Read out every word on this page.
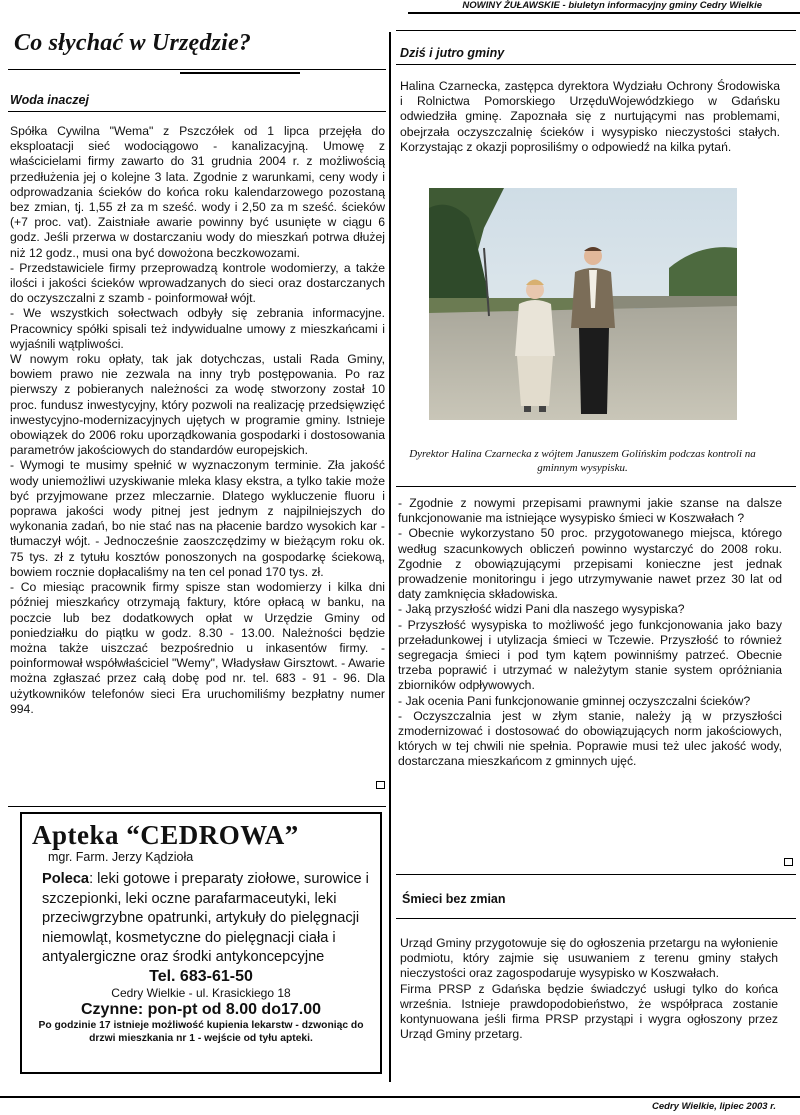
NOWINY ŻUŁAWSKIE - biuletyn informacyjny gminy Cedry Wielkie
Co słychać w Urzędzie?
Woda inaczej

Spółka Cywilna "Wema" z Pszczółek od 1 lipca przejęła do eksploatacji sieć wodociągowo - kanalizacyjną. Umowę z właścicielami firmy zawarto do 31 grudnia 2004 r. z możliwością przedłużenia jej o kolejne 3 lata. Zgodnie z warunkami, ceny wody i odprowadzania ścieków do końca roku kalendarzowego pozostaną bez zmian, tj. 1,55 zł za m sześć. wody i 2,50 za m sześć. ścieków (+7 proc. vat). Zaistniałe awarie powinny być usunięte w ciągu 6 godz. Jeśli przerwa w dostarczaniu wody do mieszkań potrwa dłużej niż 12 godz., musi ona być dowożona beczkowozami.

- Przedstawiciele firmy przeprowadzą kontrole wodomierzy, a także ilości i jakości ścieków wprowadzanych do sieci oraz dostarczanych do oczyszczalni z szamb - poinformował wójt.

- We wszystkich sołectwach odbyły się zebrania informacyjne. Pracownicy spółki spisali też indywidualne umowy z mieszkańcami i wyjaśnili wątpliwości.

W nowym roku opłaty, tak jak dotychczas, ustali Rada Gminy, bowiem prawo nie zezwala na inny tryb postępowania. Po raz pierwszy z pobieranych należności za wodę stworzony został 10 proc. fundusz inwestycyjny, który pozwoli na realizację przedsięwzięć inwestycyjno-modernizacyjnych ujętych w programie gminy. Istnieje obowiązek do 2006 roku uporządkowania gospodarki i dostosowania parametrów jakościowych do standardów europejskich.

- Wymogi te musimy spełnić w wyznaczonym terminie. Zła jakość wody uniemożliwi uzyskiwanie mleka klasy ekstra, a tylko takie może być przyjmowane przez mleczarnie. Dlatego wykluczenie fluoru i poprawa jakości wody pitnej jest jednym z najpilniejszych do wykonania zadań, bo nie stać nas na płacenie bardzo wysokich kar - tłumaczył wójt. - Jednocześnie zaoszczędzimy w bieżącym roku ok. 75 tys. zł z tytułu kosztów ponoszonych na gospodarkę ściekową, bowiem rocznie dopłacaliśmy na ten cel ponad 170 tys. zł.

- Co miesiąc pracownik firmy spisze stan wodomierzy i kilka dni później mieszkańcy otrzymają faktury, które opłacą w banku, na poczcie lub bez dodatkowych opłat w Urzędzie Gminy od poniedziałku do piątku w godz. 8.30 - 13.00. Należności będzie można także uiszczać bezpośrednio u inkasentów firmy. - poinformował współwłaściciel "Wemy", Władysław Girsztowt. - Awarie można zgłaszać przez całą dobę pod nr. tel. 683 - 91 - 96. Dla użytkowników telefonów sieci Era uruchomiliśmy bezpłatny numer 994.

Apteka “CEDROWA”
mgr. Farm. Jerzy Kądzioła
Poleca: leki gotowe i preparaty ziołowe, surowice i szczepionki, leki oczne parafarmaceutyki, leki przeciwgrzybne opatrunki, artykuły do pielęgnacji niemowląt, kosmetyczne do pielęgnacji ciała i antyalergiczne oraz środki antykoncepcyjne
Tel. 683-61-50
Cedry Wielkie - ul. Krasickiego 18
Czynne: pon-pt od 8.00 do17.00
Po godzinie 17 istnieje możliwość kupienia lekarstw - dzwoniąc do drzwi mieszkania nr 1 - wejście od tyłu apteki.
Dziś i jutro gminy

Halina Czarnecka, zastępca dyrektora Wydziału Ochrony Środowiska i Rolnictwa Pomorskiego UrzęduWojewódzkiego w Gdańsku odwiedziła gminę. Zapoznała się z nurtującymi nas problemami, obejrzała oczyszczalnię ścieków i wysypisko nieczystości stałych. Korzystając z okazji poprosiliśmy o odpowiedź na kilka pytań.

Dyrektor Halina Czarnecka z wójtem Januszem Golińskim podczas kontroli na gminnym wysypisku.

- Zgodnie z nowymi przepisami prawnymi jakie szanse na dalsze funkcjonowanie ma istniejące wysypisko śmieci w Koszwałach ?

- Obecnie wykorzystano 50 proc. przygotowanego miejsca, którego według szacunkowych obliczeń powinno wystarczyć do 2008 roku. Zgodnie z obowiązującymi przepisami konieczne jest jednak prowadzenie monitoringu i jego utrzymywanie nawet przez 30 lat od daty zamknięcia składowiska.

- Jaką przyszłość widzi Pani dla naszego wysypiska?

- Przyszłość wysypiska to możliwość jego funkcjonowania jako bazy przeładunkowej i utylizacja śmieci w Tczewie. Przyszłość to również segregacja śmieci i pod tym kątem powinniśmy patrzeć. Obecnie trzeba poprawić i utrzymać w należytym stanie system opróżniania zbiorników odpływowych.

- Jak ocenia Pani funkcjonowanie gminnej oczyszczalni ścieków?

- Oczyszczalnia jest w złym stanie, należy ją w przyszłości zmodernizować i dostosować do obowiązujących norm jakościowych, których w tej chwili nie spełnia. Poprawie musi też ulec jakość wody, dostarczana mieszkańcom z gminnych ujęć.

Śmieci bez zmian

Urząd Gminy przygotowuje się do ogłoszenia przetargu na wyłonienie podmiotu, który zajmie się usuwaniem z terenu gminy stałych nieczystości oraz zagospodaruje wysypisko w Koszwałach.

Firma PRSP z Gdańska będzie świadczyć usługi tylko do końca września. Istnieje prawdopodobieństwo, że współpraca zostanie kontynuowana jeśli firma PRSP przystąpi i wygra ogłoszony przez Urząd Gminy przetarg.

Cedry Wielkie, lipiec 2003 r.
